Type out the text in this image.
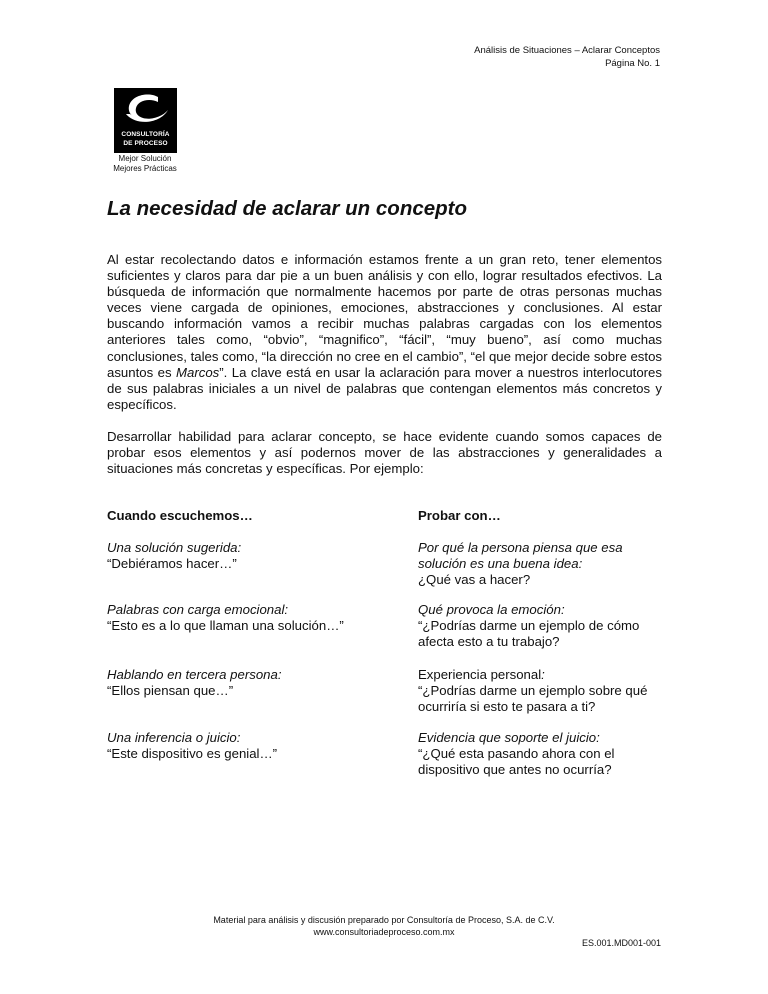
Análisis de Situaciones – Aclarar Conceptos
Página No. 1
CONSULTORÍA
DE PROCESO
Mejor Solución
Mejores Prácticas
La necesidad de aclarar un concepto

Al estar recolectando datos e información estamos frente a un gran reto, tener elementos suficientes y claros para dar pie a un buen análisis y con ello, lograr resultados efectivos. La búsqueda de información que normalmente hacemos por parte de otras personas muchas veces viene cargada de opiniones, emociones, abstracciones y conclusiones. Al estar buscando información vamos a recibir muchas palabras cargadas con los elementos anteriores tales como, “obvio”, “magnifico”, “fácil”, “muy bueno”, así como muchas conclusiones, tales como, “la dirección no cree en el cambio”, “el que mejor decide sobre estos asuntos es Marcos”. La clave está en usar la aclaración para mover a nuestros interlocutores de sus palabras iniciales a un nivel de palabras que contengan elementos más concretos y específicos.

Desarrollar habilidad para aclarar concepto, se hace evidente cuando somos capaces de probar esos elementos y así podernos mover de las abstracciones y generalidades a situaciones más concretas y específicas. Por ejemplo:

Cuando escuchemos…	Probar con…
Una solución sugerida:
“Debiéramos hacer…”
Por qué la persona piensa que esa solución es una buena idea:
¿Qué vas a hacer?
Palabras con carga emocional:
“Esto es a lo que llaman una solución…”
Qué provoca la emoción:
“¿Podrías darme un ejemplo de cómo afecta esto a tu trabajo?
Hablando en tercera persona:
“Ellos piensan que…”
Experiencia personal:
“¿Podrías darme un ejemplo sobre qué ocurriría si esto te pasara a ti?
Una inferencia o juicio:
“Este dispositivo es genial…”
Evidencia que soporte el juicio:
“¿Qué esta pasando ahora con el dispositivo que antes no ocurría?
Material para análisis y discusión preparado por Consultoría de Proceso, S.A. de C.V.
www.consultoriadeproceso.com.mx
ES.001.MD001-001
